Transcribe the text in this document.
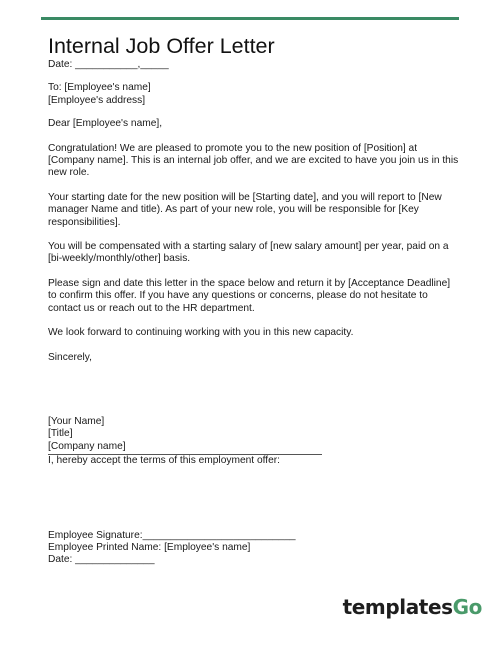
Internal Job Offer Letter

Date: ___________,_____

To: [Employee's name]

[Employee's address]

Dear [Employee's name],

Congratulation! We are pleased to promote you to the new position of [Position] at [Company name]. This is an internal job offer, and we are excited to have you join us in this new role.

Your starting date for the new position will be [Starting date], and you will report to [New manager Name and title). As part of your new role, you will be responsible for [Key responsibilities].

You will be compensated with a starting salary of [new salary amount] per year, paid on a [bi-weekly/monthly/other] basis.

Please sign and date this letter in the space below and return it by [Acceptance Deadline] to confirm this offer. If you have any questions or concerns, please do not hesitate to contact us or reach out to the HR department.

We look forward to continuing working with you in this new capacity.

Sincerely,

[Your Name]

[Title]

[Company name]

I, hereby accept the terms of this employment offer:

Employee Signature:___________________________

Employee Printed Name: [Employee's name]

Date: ______________

templatesGo
